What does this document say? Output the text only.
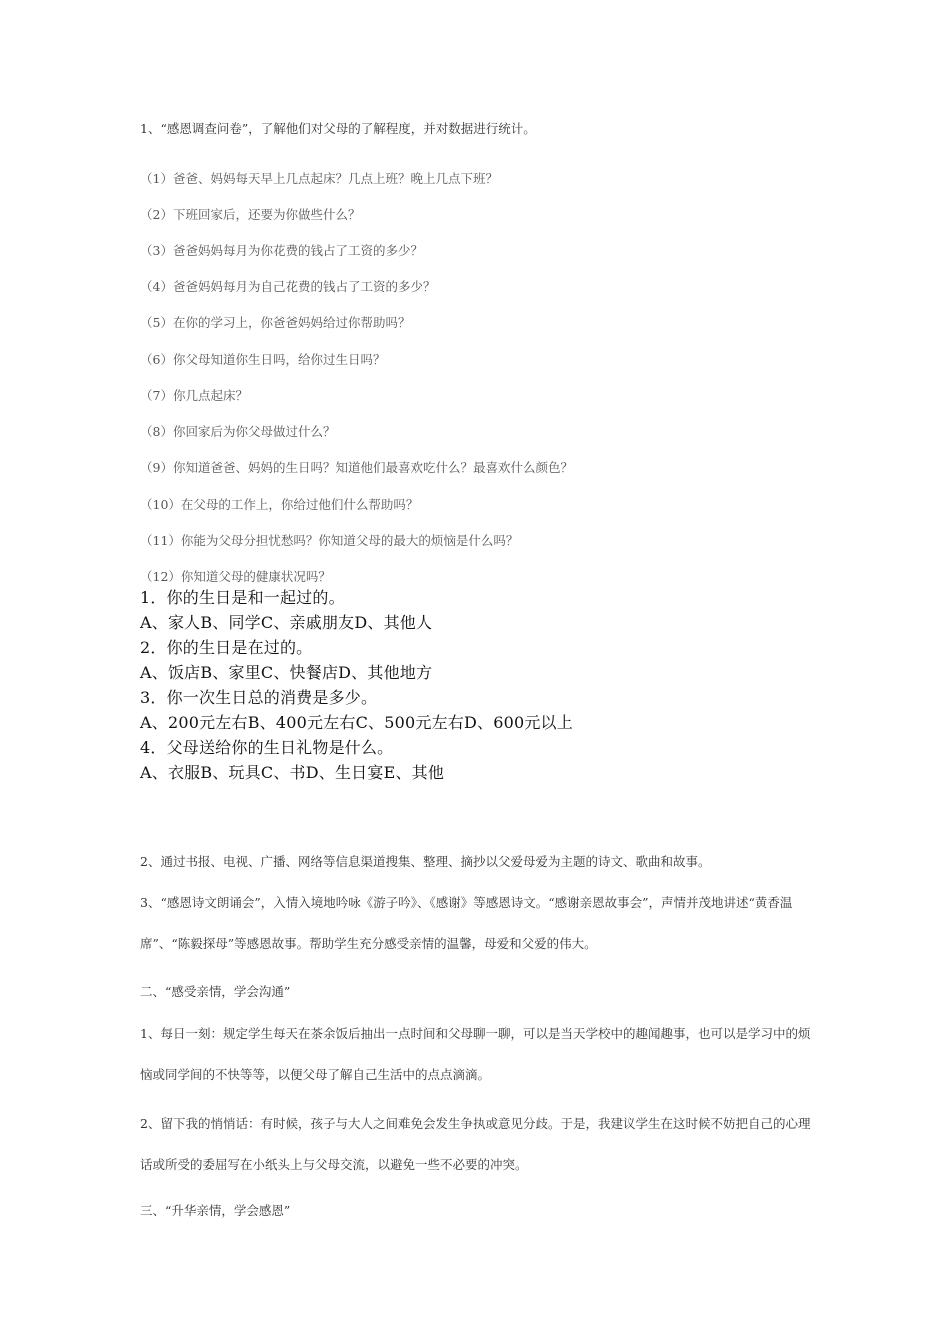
1、“感恩调查问卷”，了解他们对父母的了解程度，并对数据进行统计。
（1）爸爸、妈妈每天早上几点起床？几点上班？晚上几点下班？
（2）下班回家后，还要为你做些什么？
（3）爸爸妈妈每月为你花费的钱占了工资的多少？
（4）爸爸妈妈每月为自己花费的钱占了工资的多少？
（5）在你的学习上，你爸爸妈妈给过你帮助吗？
（6）你父母知道你生日吗，给你过生日吗？
（7）你几点起床？
（8）你回家后为你父母做过什么？
（9）你知道爸爸、妈妈的生日吗？知道他们最喜欢吃什么？最喜欢什么颜色？
（10）在父母的工作上，你给过他们什么帮助吗？
（11）你能为父母分担忧愁吗？你知道父母的最大的烦恼是什么吗？
（12）你知道父母的健康状况吗？
1．你的生日是和一起过的。
A、家人B、同学C、亲戚朋友D、其他人
2．你的生日是在过的。
A、饭店B、家里C、快餐店D、其他地方
3．你一次生日总的消费是多少。
A、200元左右B、400元左右C、500元左右D、600元以上
4．父母送给你的生日礼物是什么。
A、衣服B、玩具C、书D、生日宴E、其他
2、通过书报、电视、广播、网络等信息渠道搜集、整理、摘抄以父爱母爱为主题的诗文、歌曲和故事。
3、“感恩诗文朗诵会”，入情入境地吟咏《游子吟》、《感谢》等感恩诗文。“感谢亲恩故事会”，声情并茂地讲述“黄香温席”、“陈毅探母”等感恩故事。帮助学生充分感受亲情的温馨，母爱和父爱的伟大。
二、“感受亲情，学会沟通”
1、每日一刻：规定学生每天在茶余饭后抽出一点时间和父母聊一聊，可以是当天学校中的趣闻趣事，也可以是学习中的烦恼或同学间的不快等等，以便父母了解自己生活中的点点滴滴。
2、留下我的悄悄话：有时候，孩子与大人之间难免会发生争执或意见分歧。于是，我建议学生在这时候不妨把自己的心理话或所受的委屈写在小纸头上与父母交流，以避免一些不必要的冲突。
三、“升华亲情，学会感恩”
